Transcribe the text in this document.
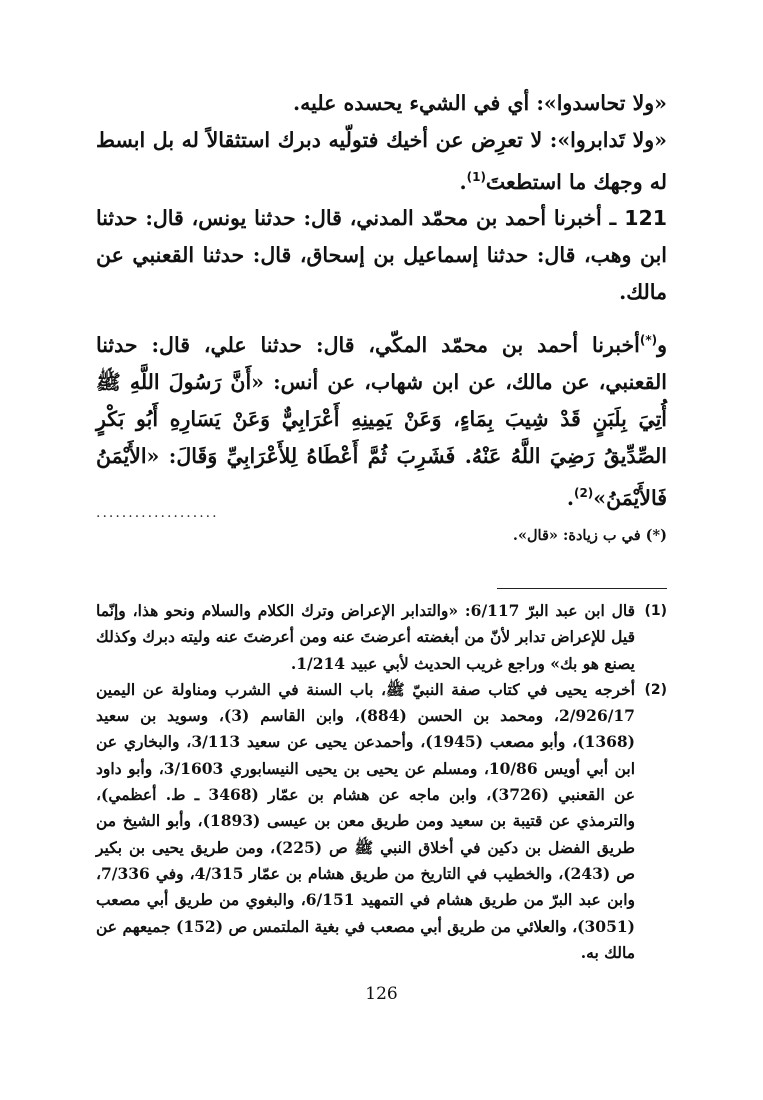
«ولا تحاسدوا»: أي في الشيء يحسده عليه.

«ولا تَدابروا»: لا تعرِض عن أخيك فتولّيه دبرك استثقالاً له بل ابسط له وجهك ما استطعتَ$^{(1)}$.

121 ـ أخبرنا أحمد بن محمّد المدني، قال: حدثنا يونس، قال: حدثنا ابن وهب، قال: حدثنا إسماعيل بن إسحاق، قال: حدثنا القعنبي عن مالك.

و(*)أخبرنا أحمد بن محمّد المكّي، قال: حدثنا علي، قال: حدثنا القعنبي، عن مالك، عن ابن شهاب، عن أنس: «أَنَّ رَسُولَ اللَّهِ ﷺ أُتِيَ بِلَبَنٍ قَدْ شِيبَ بِمَاءٍ، وَعَنْ يَمِينِهِ أَعْرَابِيٌّ وَعَنْ يَسَارِهِ أَبُو بَكْرٍ الصِّدِّيقُ رَضِيَ اللَّهُ عَنْهُ. فَشَرِبَ ثُمَّ أَعْطَاهُ لِلأَعْرَابِيِّ وَقَالَ: «الأَيْمَنُ فَالأَيْمَنُ»$^{(2)}$.

...................
(*) في ب زيادة: «قال».

(1)
قال ابن عبد البرّ 6/117: «والتدابر الإعراض وترك الكلام والسلام ونحو هذا، وإنّما قيل للإعراض تدابر لأنّ من أبغضته أعرضتَ عنه ومن أعرضتَ عنه وليته دبرك وكذلك يصنع هو بك» وراجع غريب الحديث لأبي عبيد 1/214.

(2)
أخرجه يحيى في كتاب صفة النبيّ ﷺ، باب السنة في الشرب ومناولة عن اليمين 2/926/17، ومحمد بن الحسن (884)، وابن القاسم (3)، وسويد بن سعيد (1368)، وأبو مصعب (1945)، وأحمدعن يحيى عن سعيد 3/113، والبخاري عن ابن أبي أويس 10/86، ومسلم عن يحيى بن يحيى النيسابوري 3/1603، وأبو داود عن القعنبي (3726)، وابن ماجه عن هشام بن عمّار (3468 ـ ط. أعظمي)، والترمذي عن قتيبة بن سعيد ومن طريق معن بن عيسى (1893)، وأبو الشيخ من طريق الفضل بن دكين في أخلاق النبي ﷺ ص (225)، ومن طريق يحيى بن بكير ص (243)، والخطيب في التاريخ من طريق هشام بن عمّار 4/315، وفي 7/336، وابن عبد البرّ من طريق هشام في التمهيد 6/151، والبغوي من طريق أبي مصعب (3051)، والعلائي من طريق أبي مصعب في بغية الملتمس ص (152) جميعهم عن مالك به.

126
